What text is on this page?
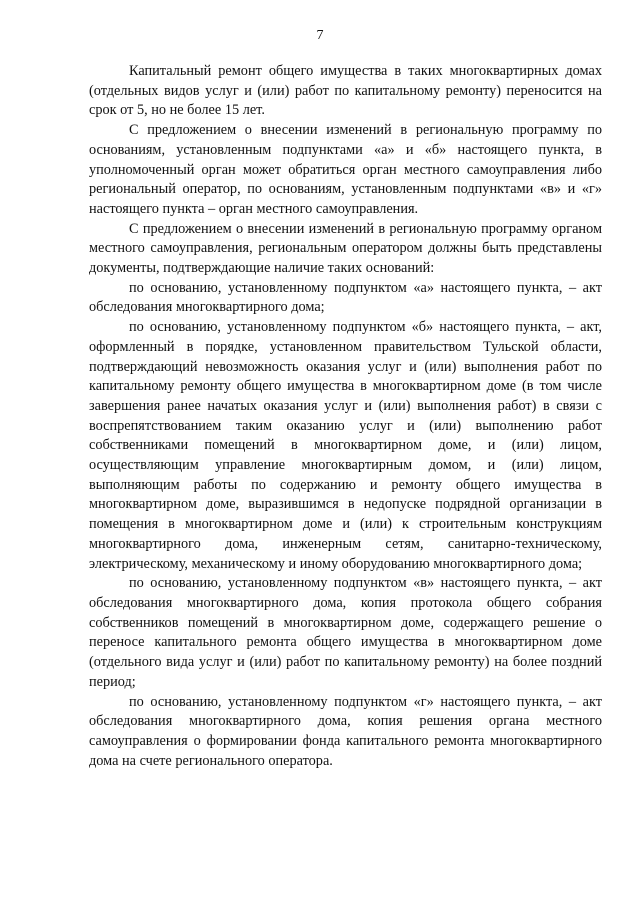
7

Капитальный ремонт общего имущества в таких многоквартирных домах (отдельных видов услуг и (или) работ по капитальному ремонту) переносится на срок от 5, но не более 15 лет.

С предложением о внесении изменений в региональную программу по основаниям, установленным подпунктами «а» и «б» настоящего пункта, в уполномоченный орган может обратиться орган местного самоуправления либо региональный оператор, по основаниям, установленным подпунктами «в» и «г» настоящего пункта – орган местного самоуправления.

С предложением о внесении изменений в региональную программу органом местного самоуправления, региональным оператором должны быть представлены документы, подтверждающие наличие таких оснований:

по основанию, установленному подпунктом «а» настоящего пункта, – акт обследования многоквартирного дома;

по основанию, установленному подпунктом «б» настоящего пункта, – акт, оформленный в порядке, установленном правительством Тульской области, подтверждающий невозможность оказания услуг и (или) выполнения работ по капитальному ремонту общего имущества в многоквартирном доме (в том числе завершения ранее начатых оказания услуг и (или) выполнения работ) в связи с воспрепятствованием таким оказанию услуг и (или) выполнению работ собственниками помещений в многоквартирном доме, и (или) лицом, осуществляющим управление многоквартирным домом, и (или) лицом, выполняющим работы по содержанию и ремонту общего имущества в многоквартирном доме, выразившимся в недопуске подрядной организации в помещения в многоквартирном доме и (или) к строительным конструкциям многоквартирного дома, инженерным сетям, санитарно-техническому, электрическому, механическому и иному оборудованию многоквартирного дома;

по основанию, установленному подпунктом «в» настоящего пункта, – акт обследования многоквартирного дома, копия протокола общего собрания собственников помещений в многоквартирном доме, содержащего решение о переносе капитального ремонта общего имущества в многоквартирном доме (отдельного вида услуг и (или) работ по капитальному ремонту) на более поздний период;

по основанию, установленному подпунктом «г» настоящего пункта, – акт обследования многоквартирного дома, копия решения органа местного самоуправления о формировании фонда капитального ремонта многоквартирного дома на счете регионального оператора.
